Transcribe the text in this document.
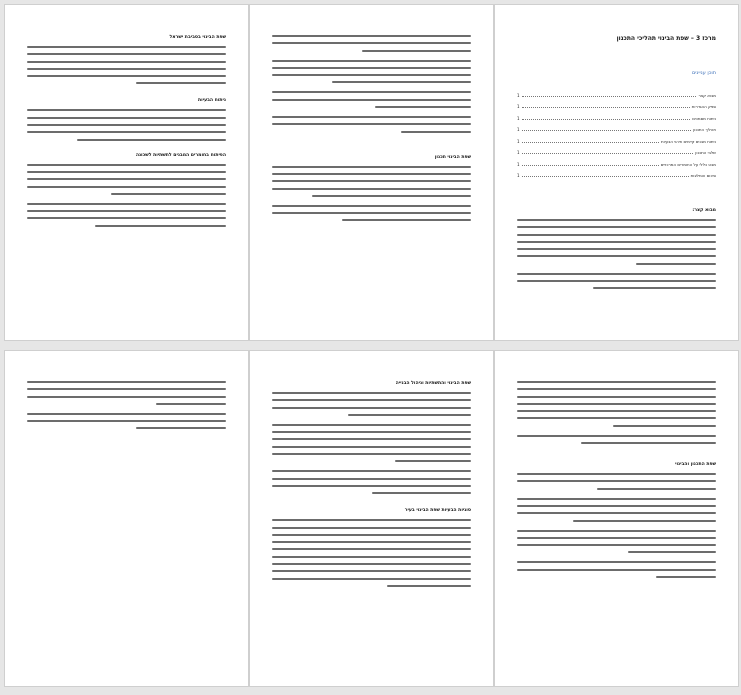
מרכז 3 – שפת הבינוי תהליכי התכנון
תוכן עניינים
מבוא קצר
1
ספק ההגדרות
1
ניתוח מסמכים
1
תהליך התכנון
1
ניתוח מבנים קיימים וזיהוי הבעיות
1
שלבי התכנון
1
מבט כללי על החומרים המרכזיים
1
סיכום והמלצות
1
מבוא קצר:
שפת הבינוי תכנון
שפת הבינוי בסביבת ישראל
ניתוח הבעיות
הפיתוח בחומרים המבנים לתשתיות לשכונה
שפת התכנון והבינוי
שפת הבינוי והתשתיות וניהול הבנייה
סוגיות הבעיות שפת הבינוי בעיר
